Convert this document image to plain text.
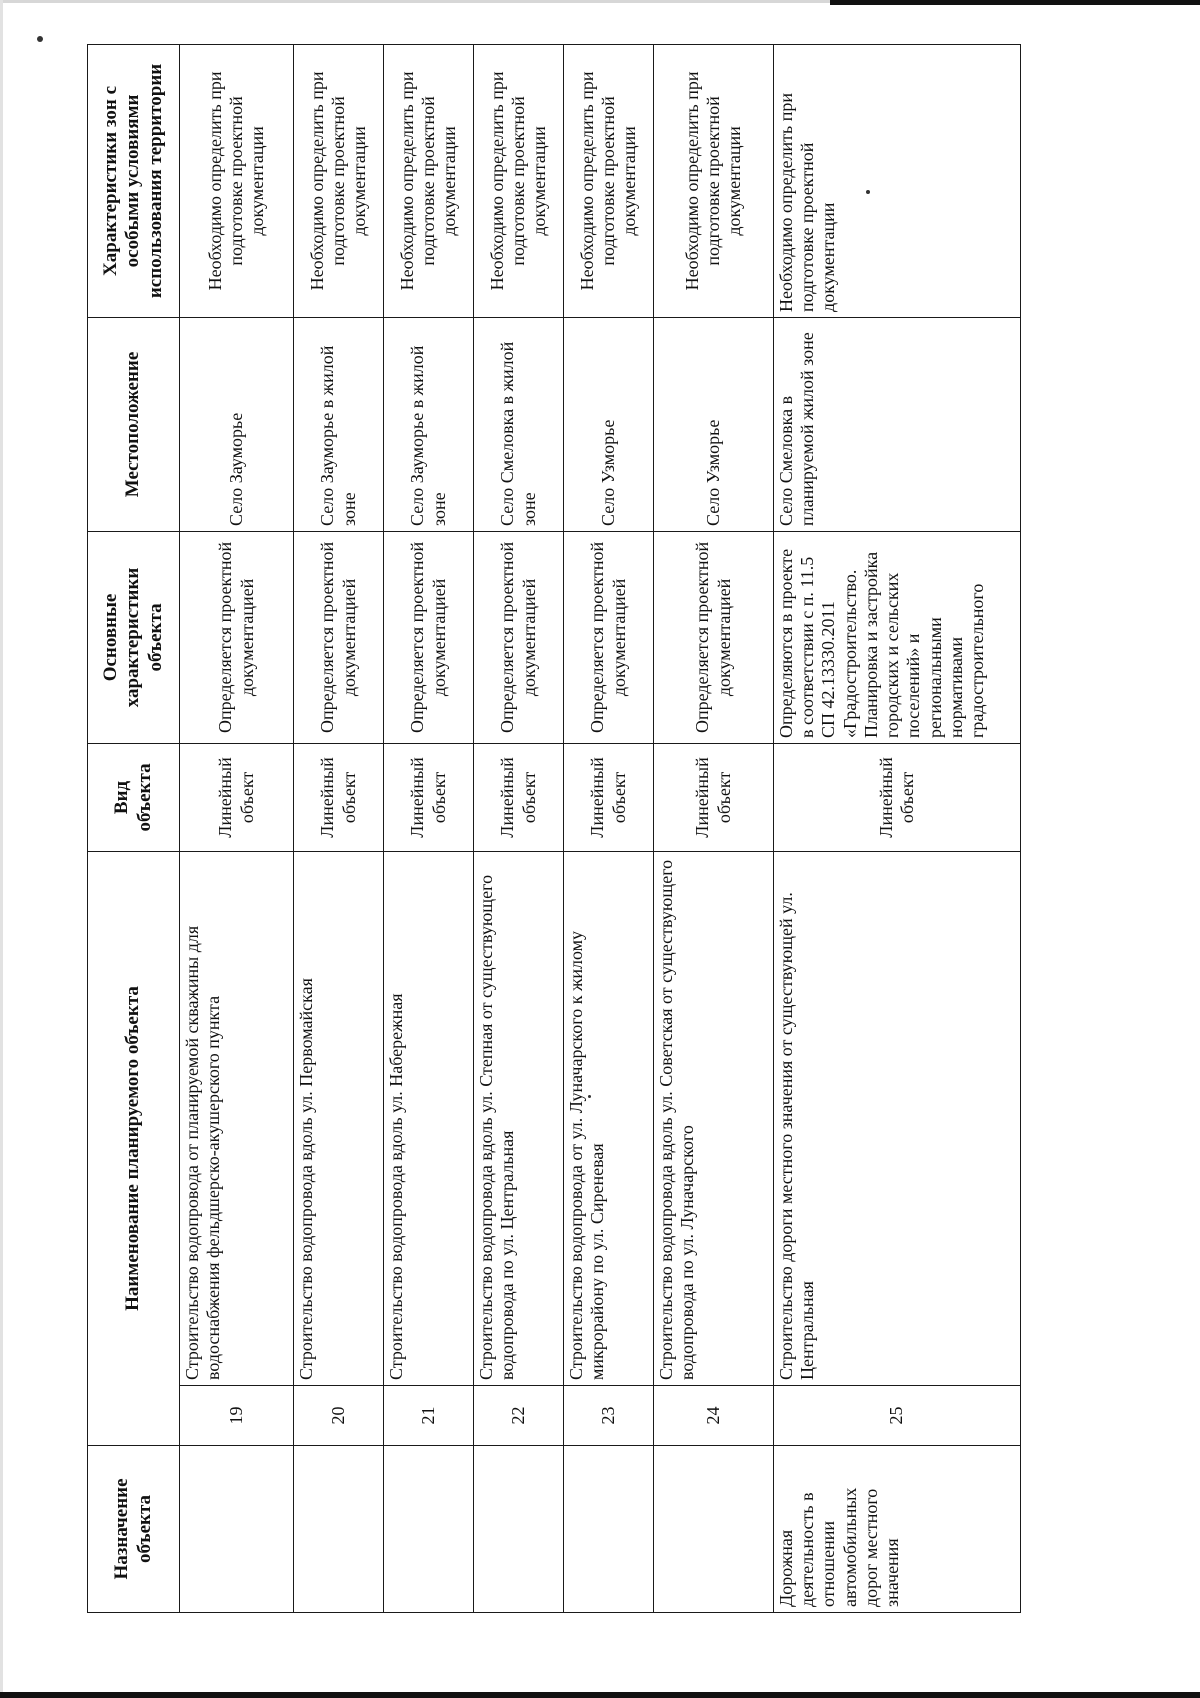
Назначение объекта	Наименование планируемого объекта		Вид объекта	Основные характеристики объекта	Местоположение	Характеристики зон с особыми условиями использования территории
	19	Строительство водопровода от планируемой скважины для водоснабжения фельдшерско-акушерского пункта	Линейный объект	Определяется проектной документацией	Село Зауморье	Необходимо определить при подготовке проектной документации
	20	Строительство водопровода вдоль ул. Первомайская	Линейный объект	Определяется проектной документацией	Село Зауморье в жилой зоне	Необходимо определить при подготовке проектной документации
	21	Строительство водопровода вдоль ул. Набережная	Линейный объект	Определяется проектной документацией	Село Зауморье в жилой зоне	Необходимо определить при подготовке проектной документации
	22	Строительство водопровода вдоль ул. Степная от существующего водопровода по ул. Центральная	Линейный объект	Определяется проектной документацией	Село Смеловка в жилой зоне	Необходимо определить при подготовке проектной документации
	23	Строительство водопровода от ул. Луначарского к жилому микрорайону по ул. Сиреневая	Линейный объект	Определяется проектной документацией	Село Узморье	Необходимо определить при подготовке проектной документации
	24	Строительство водопровода вдоль ул. Советская от существующего водопровода по ул. Луначарского	Линейный объект	Определяется проектной документацией	Село Узморье	Необходимо определить при подготовке проектной документации
Дорожная деятельность в отношении автомобильных дорог местного значения	25	Строительство дороги местного значения от существующей ул. Центральная	Линейный объект	Определяются в проекте в соответствии с п. 11.5 СП 42.13330.2011 «Градостроительство. Планировка и застройка городских и сельских поселений» и региональными нормативами градостроительного	Село Смеловка в планируемой жилой зоне	Необходимо определить при подготовке проектной документации
